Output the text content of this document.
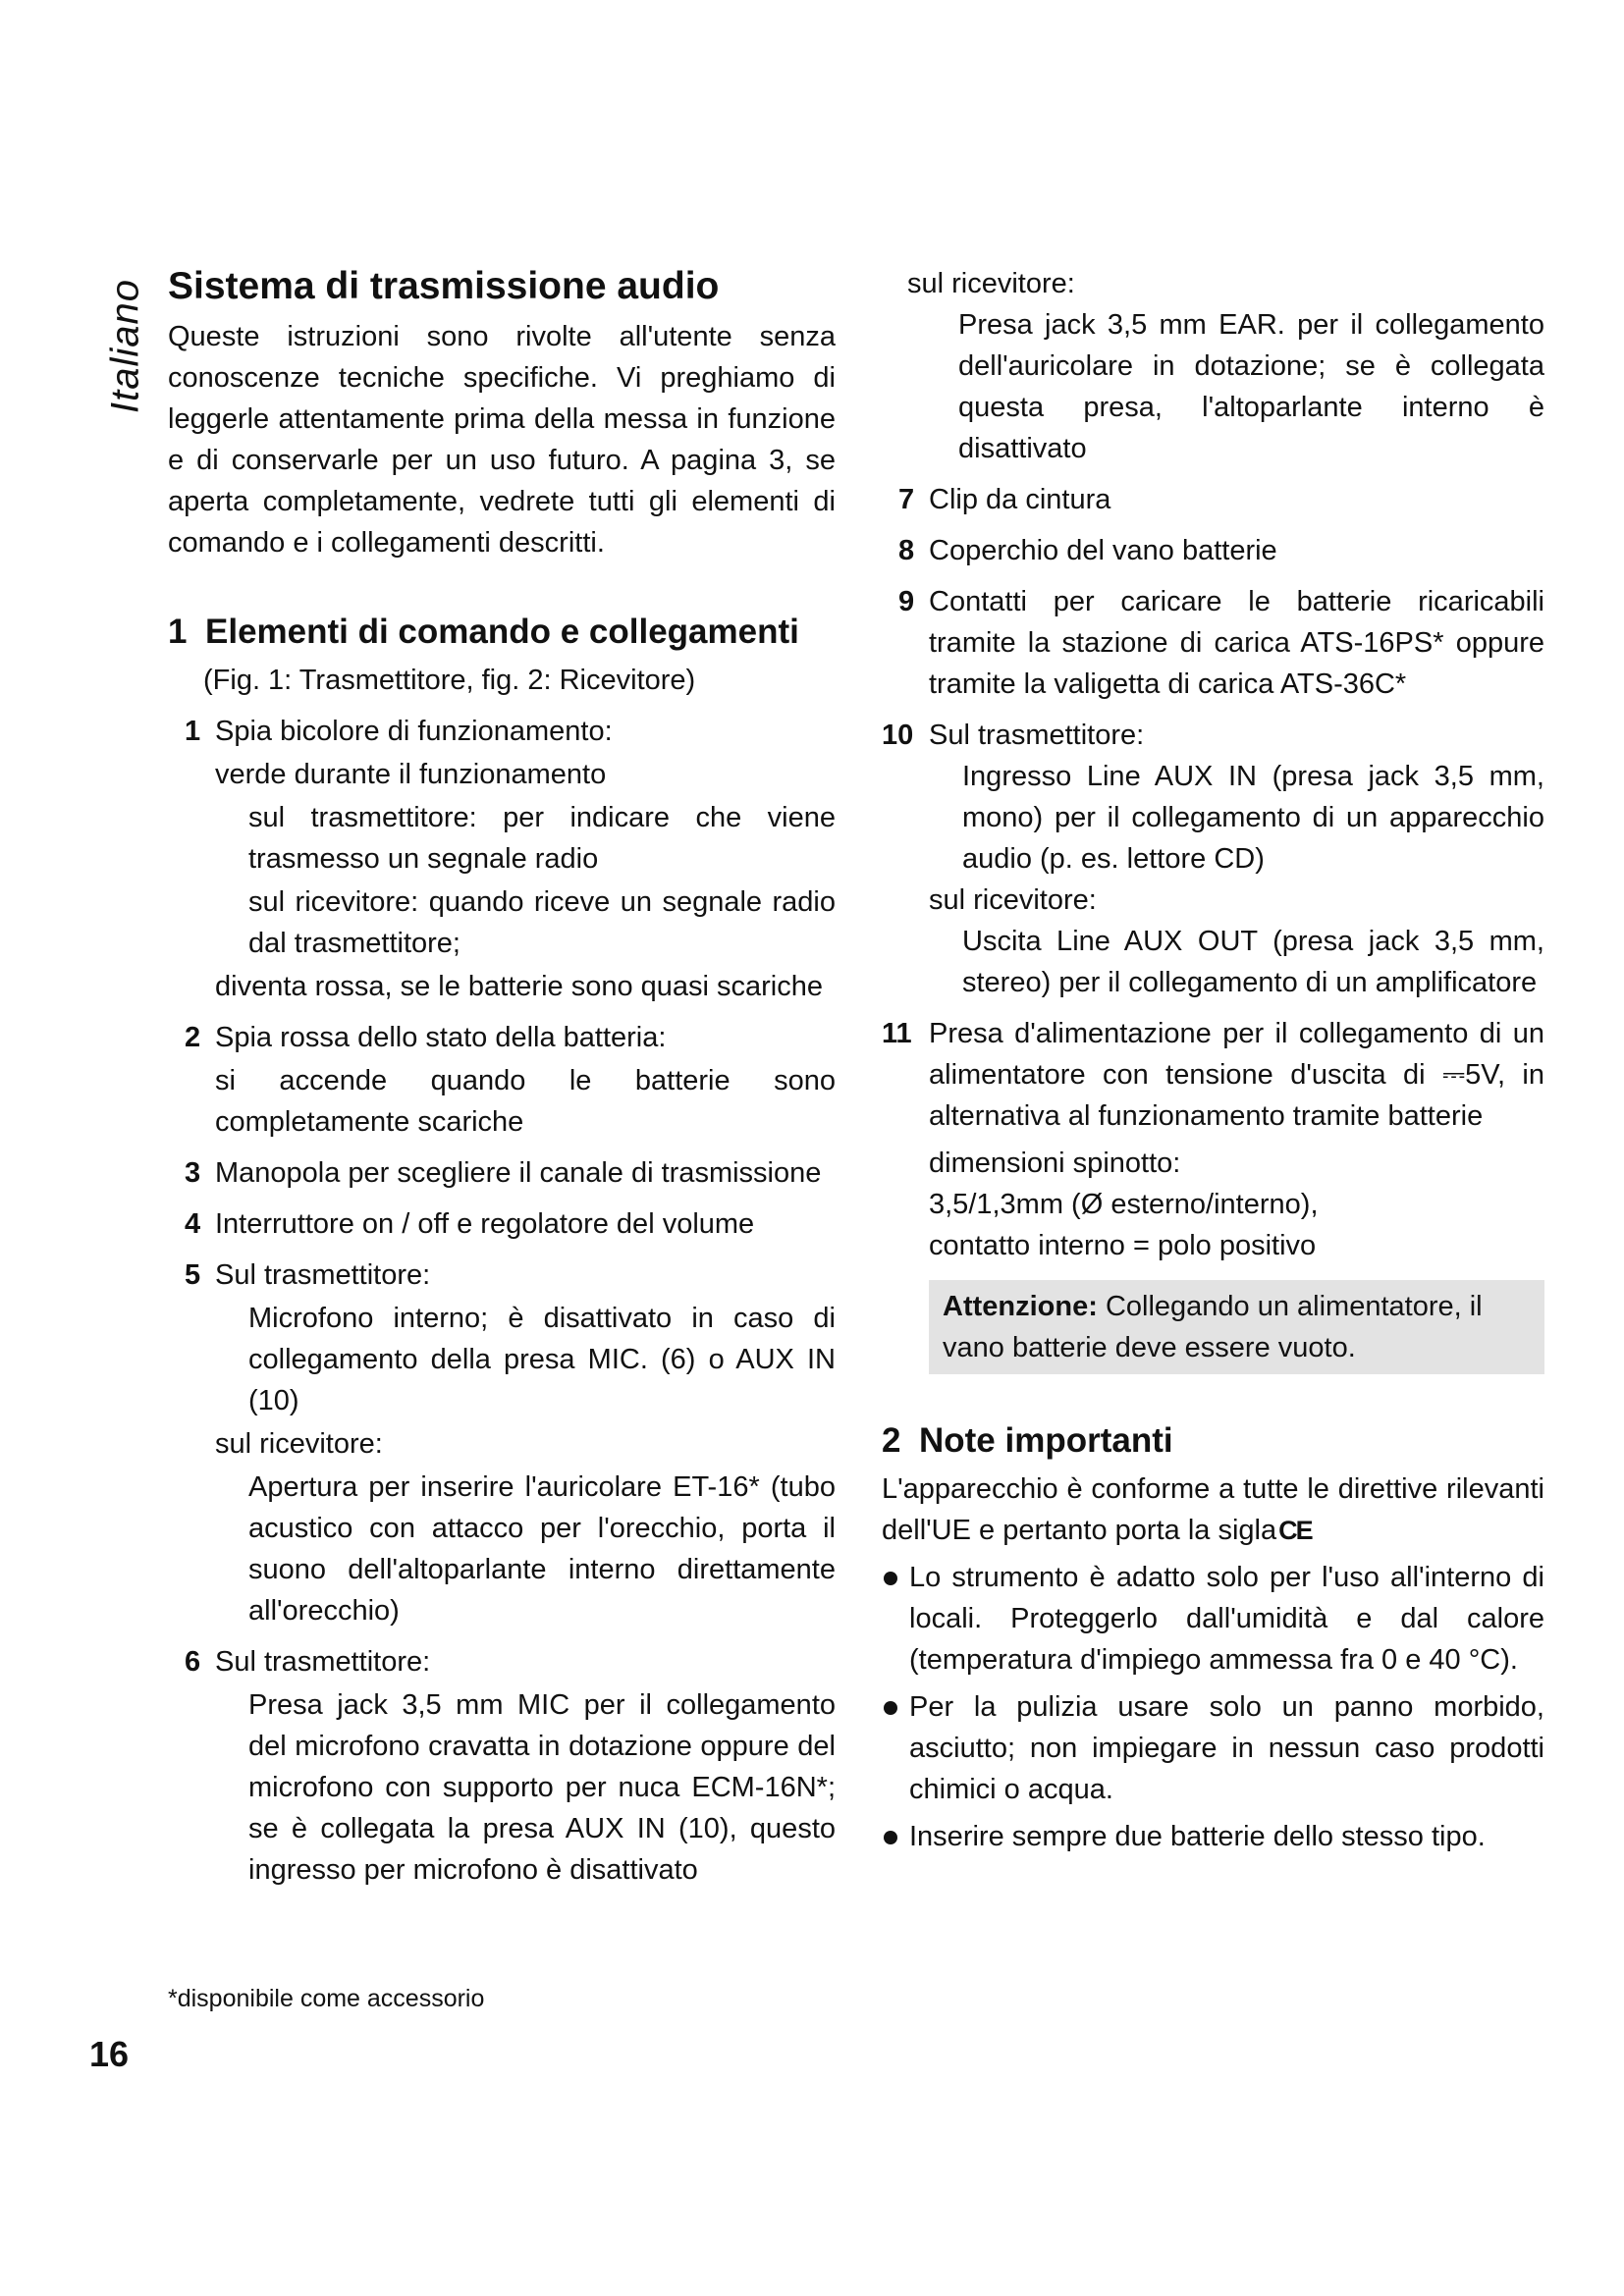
Italiano Sistema di trasmissione audio

Queste istruzioni sono rivolte all'utente senza conoscenze tecniche specifiche. Vi preghiamo di leggerle attentamente prima della messa in funzione e di conservarle per un uso futuro. A pagina 3, se aperta completamente, vedrete tutti gli elementi di comando e i collegamenti descritti.

1 Elementi di comando e collegamenti

(Fig. 1: Trasmettitore, fig. 2: Ricevitore)

1 Spia bicolore di funzionamento:

verde durante il funzionamento

sul trasmettitore: per indicare che viene trasmesso un segnale radio

sul ricevitore: quando riceve un segnale radio dal trasmettitore;

diventa rossa, se le batterie sono quasi scariche

2 Spia rossa dello stato della batteria:

si accende quando le batterie sono completamente scariche

3 Manopola per scegliere il canale di trasmissione

4 Interruttore on / off e regolatore del volume

5 Sul trasmettitore:

Microfono interno; è disattivato in caso di collegamento della presa MIC. (6) o AUX IN (10)

sul ricevitore:

Apertura per inserire l'auricolare ET-16* (tubo acustico con attacco per l'orecchio, porta il suono dell'altoparlante interno direttamente all'orecchio)

6 Sul trasmettitore:

Presa jack 3,5 mm MIC per il collegamento del microfono cravatta in dotazione oppure del microfono con supporto per nuca ECM-16N*; se è collegata la presa AUX IN (10), questo ingresso per microfono è disattivato

sul ricevitore:

Presa jack 3,5 mm EAR. per il collegamento dell'auricolare in dotazione; se è collegata questa presa, l'altoparlante interno è disattivato

7 Clip da cintura

8 Coperchio del vano batterie

9 Contatti per caricare le batterie ricaricabili tramite la stazione di carica ATS-16PS* oppure tramite la valigetta di carica ATS-36C*

10 Sul trasmettitore:

Ingresso Line AUX IN (presa jack 3,5 mm, mono) per il collegamento di un apparecchio audio (p. es. lettore CD)

sul ricevitore:

Uscita Line AUX OUT (presa jack 3,5 mm, stereo) per il collegamento di un amplificatore

11 Presa d'alimentazione per il collegamento di un alimentatore con tensione d'uscita di ⎓5V, in alternativa al funzionamento tramite batterie

dimensioni spinotto:

3,5/1,3mm (Ø esterno/interno),

contatto interno = polo positivo

Attenzione: Collegando un alimentatore, il vano batterie deve essere vuoto.
2 Note importanti

L'apparecchio è conforme a tutte le direttive rilevanti dell'UE e pertanto porta la siglaCE

Lo strumento è adatto solo per l'uso all'interno di locali. Proteggerlo dall'umidità e dal calore (temperatura d'impiego ammessa fra 0 e 40 °C).

Per la pulizia usare solo un panno morbido, asciutto; non impiegare in nessun caso prodotti chimici o acqua.

Inserire sempre due batterie dello stesso tipo.

*disponibile come accessorio
16
